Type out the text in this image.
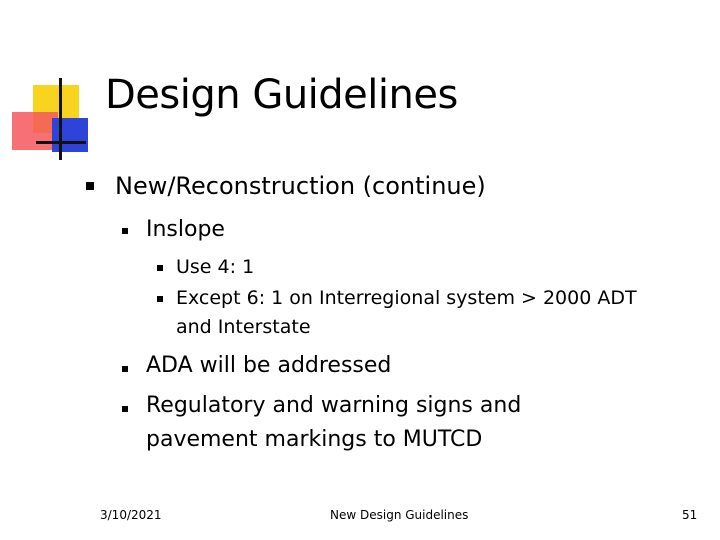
Design Guidelines
New/Reconstruction (continue)
Inslope
Use 4: 1
Except 6: 1 on Interregional system > 2000 ADT
and Interstate
ADA will be addressed
Regulatory and warning signs and
pavement markings to MUTCD
3/10/2021	New Design Guidelines	51
